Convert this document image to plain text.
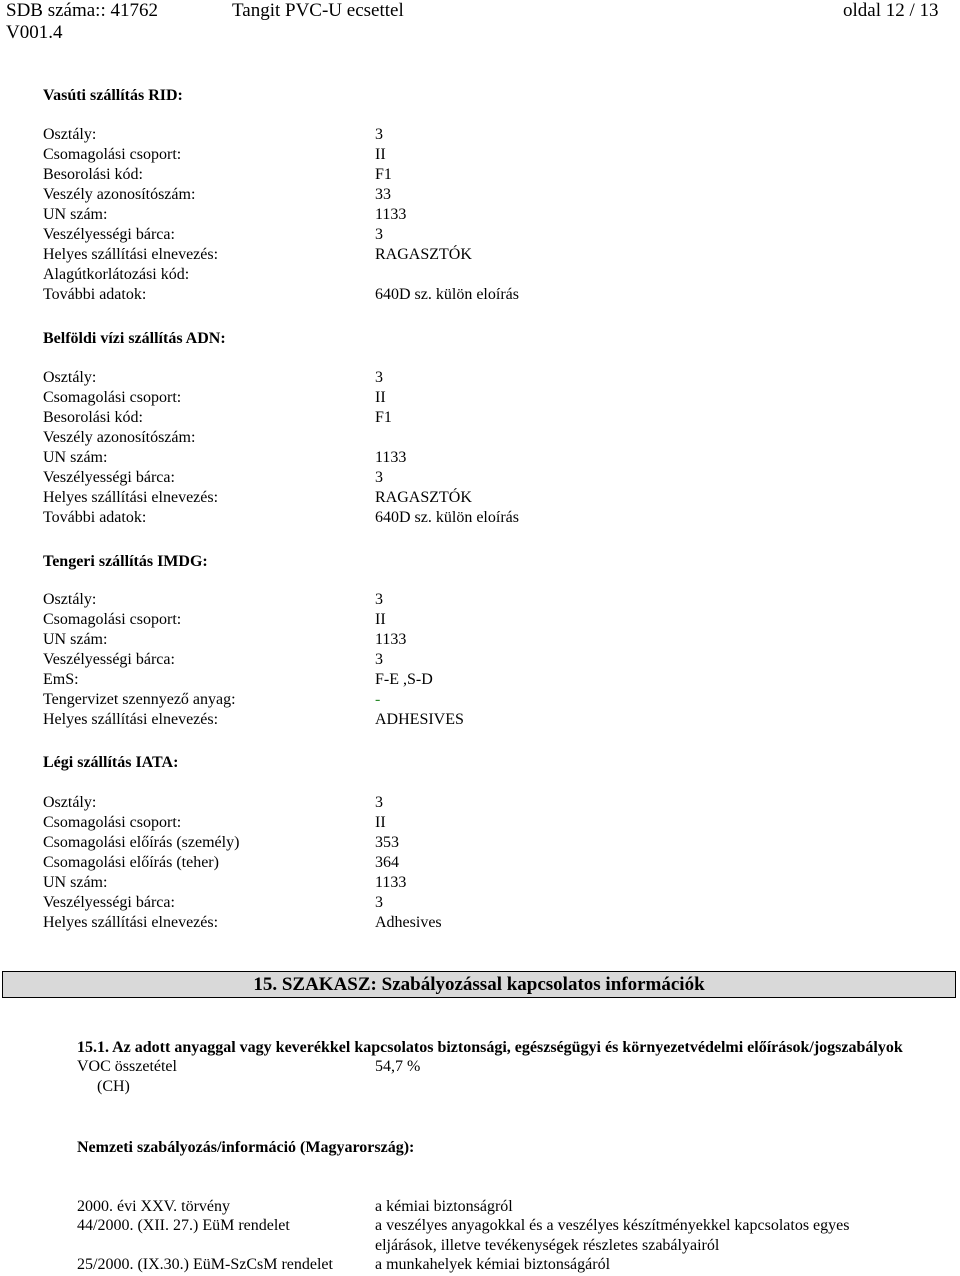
SDB száma:: 41762	Tangit PVC-U ecsettel	oldal 12 / 13
V001.4
Vasúti szállítás RID:
Osztály:	3
Csomagolási csoport:	II
Besorolási kód:	F1
Veszély azonosítószám:	33
UN szám:	1133
Veszélyességi bárca:	3
Helyes szállítási elnevezés:	RAGASZTÓK
Alagútkorlátozási kód:
További adatok:	640D sz. külön eloírás
Belföldi vízi szállítás ADN:
Osztály:	3
Csomagolási csoport:	II
Besorolási kód:	F1
Veszély azonosítószám:
UN szám:	1133
Veszélyességi bárca:	3
Helyes szállítási elnevezés:	RAGASZTÓK
További adatok:	640D sz. külön eloírás
Tengeri szállítás IMDG:
Osztály:	3
Csomagolási csoport:	II
UN szám:	1133
Veszélyességi bárca:	3
EmS:	F-E ,S-D
Tengervizet szennyező anyag:	-
Helyes szállítási elnevezés:	ADHESIVES
Légi szállítás IATA:
Osztály:	3
Csomagolási csoport:	II
Csomagolási előírás (személy)	353
Csomagolási előírás (teher)	364
UN szám:	1133
Veszélyességi bárca:	3
Helyes szállítási elnevezés:	Adhesives
15. SZAKASZ: Szabályozással kapcsolatos információk
15.1. Az adott anyaggal vagy keverékkel kapcsolatos biztonsági, egészségügyi és környezetvédelmi előírások/jogszabályok
VOC összetétel	54,7 %
(CH)
Nemzeti szabályozás/információ (Magyarország):
2000. évi XXV. törvény	a kémiai biztonságról
44/2000. (XII. 27.) EüM rendelet	a veszélyes anyagokkal és a veszélyes készítményekkel kapcsolatos egyes
eljárások, illetve tevékenységek részletes szabályairól
25/2000. (IX.30.) EüM-SzCsM rendelet	a munkahelyek kémiai biztonságáról
